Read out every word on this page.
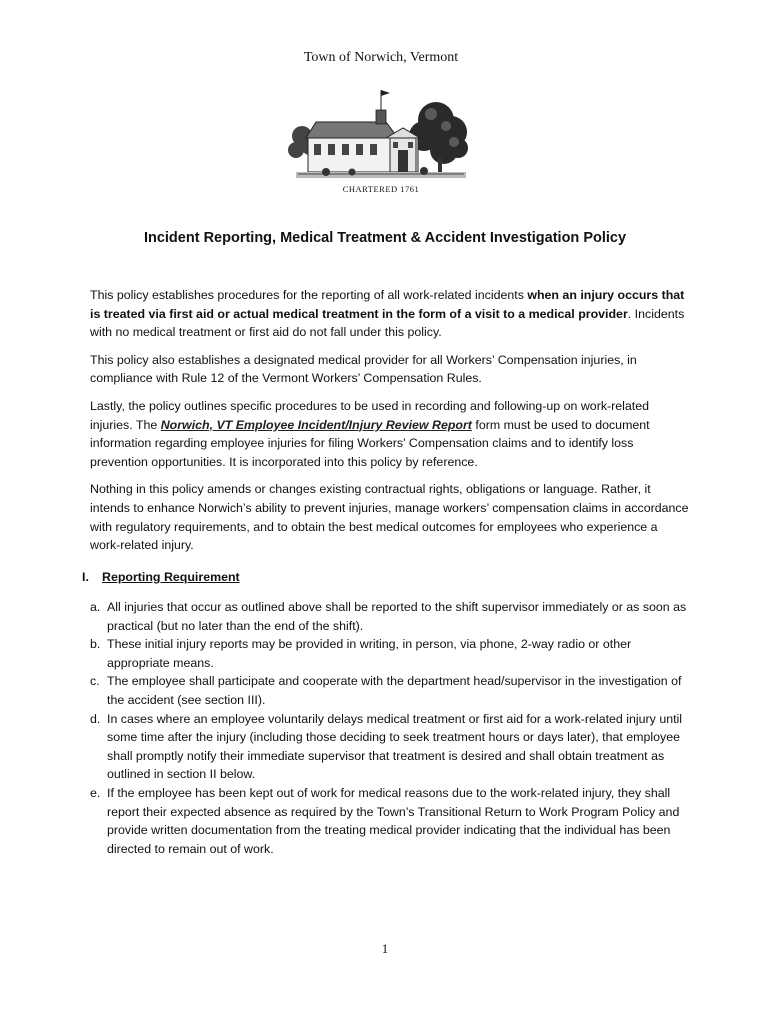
Town of Norwich, Vermont
CHARTERED 1761
Incident Reporting, Medical Treatment & Accident Investigation Policy

This policy establishes procedures for the reporting of all work-related incidents when an injury occurs that is treated via first aid or actual medical treatment in the form of a visit to a medical provider. Incidents with no medical treatment or first aid do not fall under this policy.

This policy also establishes a designated medical provider for all Workers’ Compensation injuries, in compliance with Rule 12 of the Vermont Workers’ Compensation Rules.

Lastly, the policy outlines specific procedures to be used in recording and following-up on work-related injuries. The Norwich, VT Employee Incident/Injury Review Report form must be used to document information regarding employee injuries for filing Workers' Compensation claims and to identify loss prevention opportunities. It is incorporated into this policy by reference.

Nothing in this policy amends or changes existing contractual rights, obligations or language. Rather, it intends to enhance Norwich’s ability to prevent injuries, manage workers’ compensation claims in accordance with regulatory requirements, and to obtain the best medical outcomes for employees who experience a work-related injury.

I. Reporting Requirement
a. All injuries that occur as outlined above shall be reported to the shift supervisor immediately or as soon as practical (but no later than the end of the shift).
b. These initial injury reports may be provided in writing, in person, via phone, 2-way radio or other appropriate means.
c. The employee shall participate and cooperate with the department head/supervisor in the investigation of the accident (see section III).
d. In cases where an employee voluntarily delays medical treatment or first aid for a work-related injury until some time after the injury (including those deciding to seek treatment hours or days later), that employee shall promptly notify their immediate supervisor that treatment is desired and shall obtain treatment as outlined in section II below.
e. If the employee has been kept out of work for medical reasons due to the work-related injury, they shall report their expected absence as required by the Town’s Transitional Return to Work Program Policy and provide written documentation from the treating medical provider indicating that the individual has been directed to remain out of work.
1
